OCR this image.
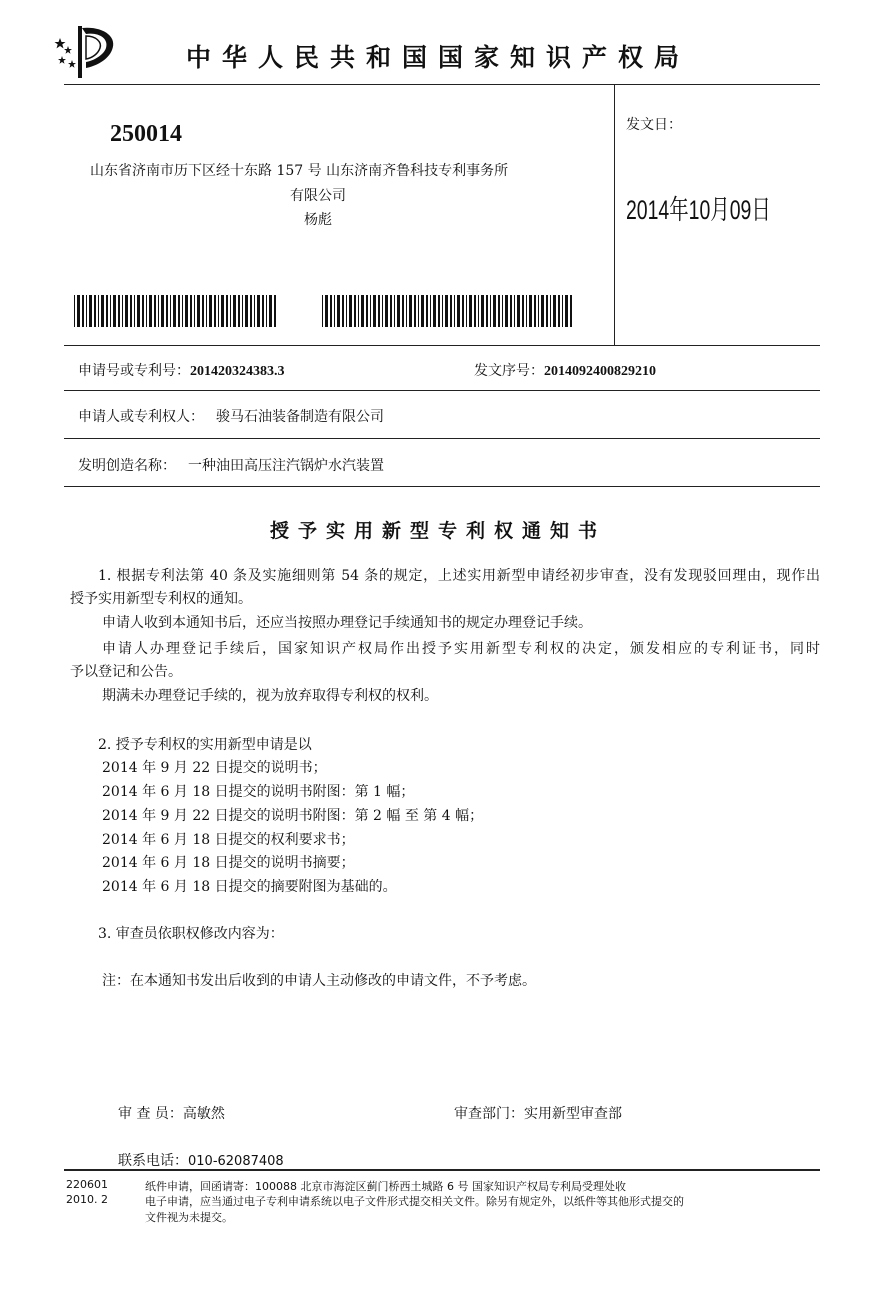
中华人民共和国国家知识产权局
250014
山东省济南市历下区经十东路 157 号 山东济南齐鲁科技专利事务所
有限公司
杨彪
发文日：
2014年10月09日
申请号或专利号：201420324383.3	发文序号：2014092400829210
申请人或专利权人： 骏马石油装备制造有限公司
发明创造名称： 一种油田高压注汽锅炉水汽装置
授予实用新型专利权通知书
1. 根据专利法第 40 条及实施细则第 54 条的规定，上述实用新型申请经初步审查，没有发现驳回理由，现作出
授予实用新型专利权的通知。
申请人收到本通知书后，还应当按照办理登记手续通知书的规定办理登记手续。
申请人办理登记手续后，国家知识产权局作出授予实用新型专利权的决定，颁发相应的专利证书，同时
予以登记和公告。
期满未办理登记手续的，视为放弃取得专利权的权利。
2. 授予专利权的实用新型申请是以
2014 年 9 月 22 日提交的说明书；
2014 年 6 月 18 日提交的说明书附图：第 1 幅；
2014 年 9 月 22 日提交的说明书附图：第 2 幅 至 第 4 幅；
2014 年 6 月 18 日提交的权利要求书；
2014 年 6 月 18 日提交的说明书摘要；
2014 年 6 月 18 日提交的摘要附图为基础的。
3. 审查员依职权修改内容为：
注：在本通知书发出后收到的申请人主动修改的申请文件，不予考虑。
审 查 员：高敏然	审查部门：实用新型审查部
联系电话：010-62087408
220601
2010. 2
纸件申请，回函请寄：100088 北京市海淀区蓟门桥西土城路 6 号 国家知识产权局专利局受理处收
电子申请，应当通过电子专利申请系统以电子文件形式提交相关文件。除另有规定外，以纸件等其他形式提交的
文件视为未提交。
